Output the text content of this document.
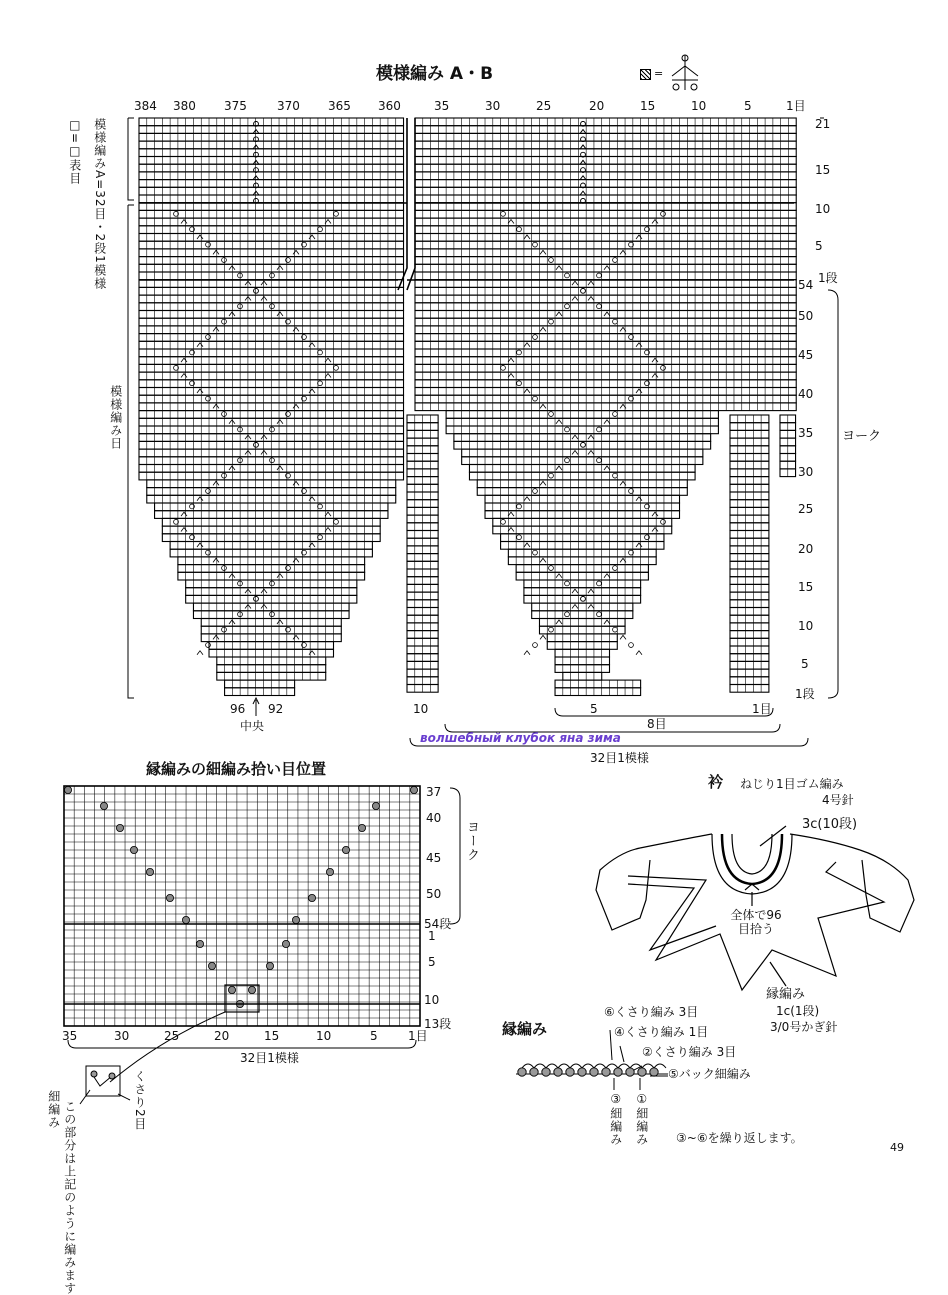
模様編み A・B	=
384 380 375	370 365 360	35	30	25	20	15	10	5	1目
□=□表目 模様編みA=32目・2段1模様
模様編み日
21
15
10
5
1段
54
50
45
40
35
30
25
20
15
10
5
1段
ヨーク
96 92
中央
10	5	1目
8目
32目1模様
волшебный клубок яна зима
縁編みの細編み拾い目位置
35	30	25	20	15	10	5	1目
37
40
45
50
54段
1
5
10
13段
ヨーク
32目1模様
細編み この部分は上記のように編みます	くさり2目
衿 ねじり1目ゴム編み
4号針
3c(10段)
全体で96目拾う
縁編み
1c(1段)
3/0号かぎ針
縁編み
⑥くさり編み 3目
④くさり編み 1目
②くさり編み 3目
⑤バック細編み
③細編み ①細編み ③~⑥を繰り返します。
49
